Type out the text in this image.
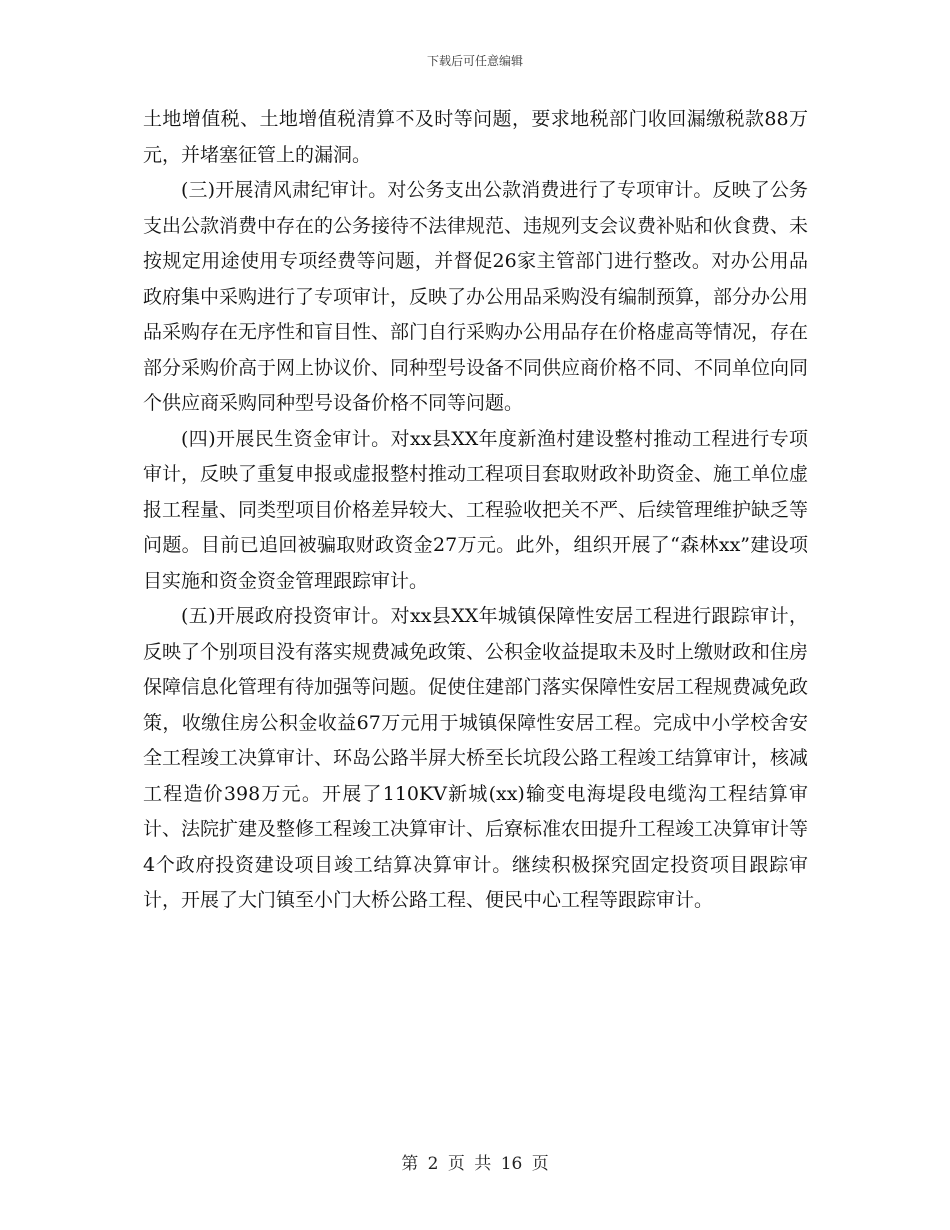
下载后可任意编辑

土地增值税、土地增值税清算不及时等问题，要求地税部门收回漏缴税款88万元，并堵塞征管上的漏洞。

(三)开展清风肃纪审计。对公务支出公款消费进行了专项审计。反映了公务支出公款消费中存在的公务接待不法律规范、违规列支会议费补贴和伙食费、未按规定用途使用专项经费等问题，并督促26家主管部门进行整改。对办公用品政府集中采购进行了专项审计，反映了办公用品采购没有编制预算，部分办公用品采购存在无序性和盲目性、部门自行采购办公用品存在价格虚高等情况，存在部分采购价高于网上协议价、同种型号设备不同供应商价格不同、不同单位向同个供应商采购同种型号设备价格不同等问题。

(四)开展民生资金审计。对xx县XX年度新渔村建设整村推动工程进行专项审计，反映了重复申报或虚报整村推动工程项目套取财政补助资金、施工单位虚报工程量、同类型项目价格差异较大、工程验收把关不严、后续管理维护缺乏等问题。目前已追回被骗取财政资金27万元。此外，组织开展了“森林xx”建设项目实施和资金资金管理跟踪审计。

(五)开展政府投资审计。对xx县XX年城镇保障性安居工程进行跟踪审计，反映了个别项目没有落实规费减免政策、公积金收益提取未及时上缴财政和住房保障信息化管理有待加强等问题。促使住建部门落实保障性安居工程规费减免政策，收缴住房公积金收益67万元用于城镇保障性安居工程。完成中小学校舍安全工程竣工决算审计、环岛公路半屏大桥至长坑段公路工程竣工结算审计，核减工程造价398万元。开展了110KV新城(xx)输变电海堤段电缆沟工程结算审计、法院扩建及整修工程竣工决算审计、后寮标准农田提升工程竣工决算审计等4个政府投资建设项目竣工结算决算审计。继续积极探究固定投资项目跟踪审计，开展了大门镇至小门大桥公路工程、便民中心工程等跟踪审计。

第 2 页 共 16 页
